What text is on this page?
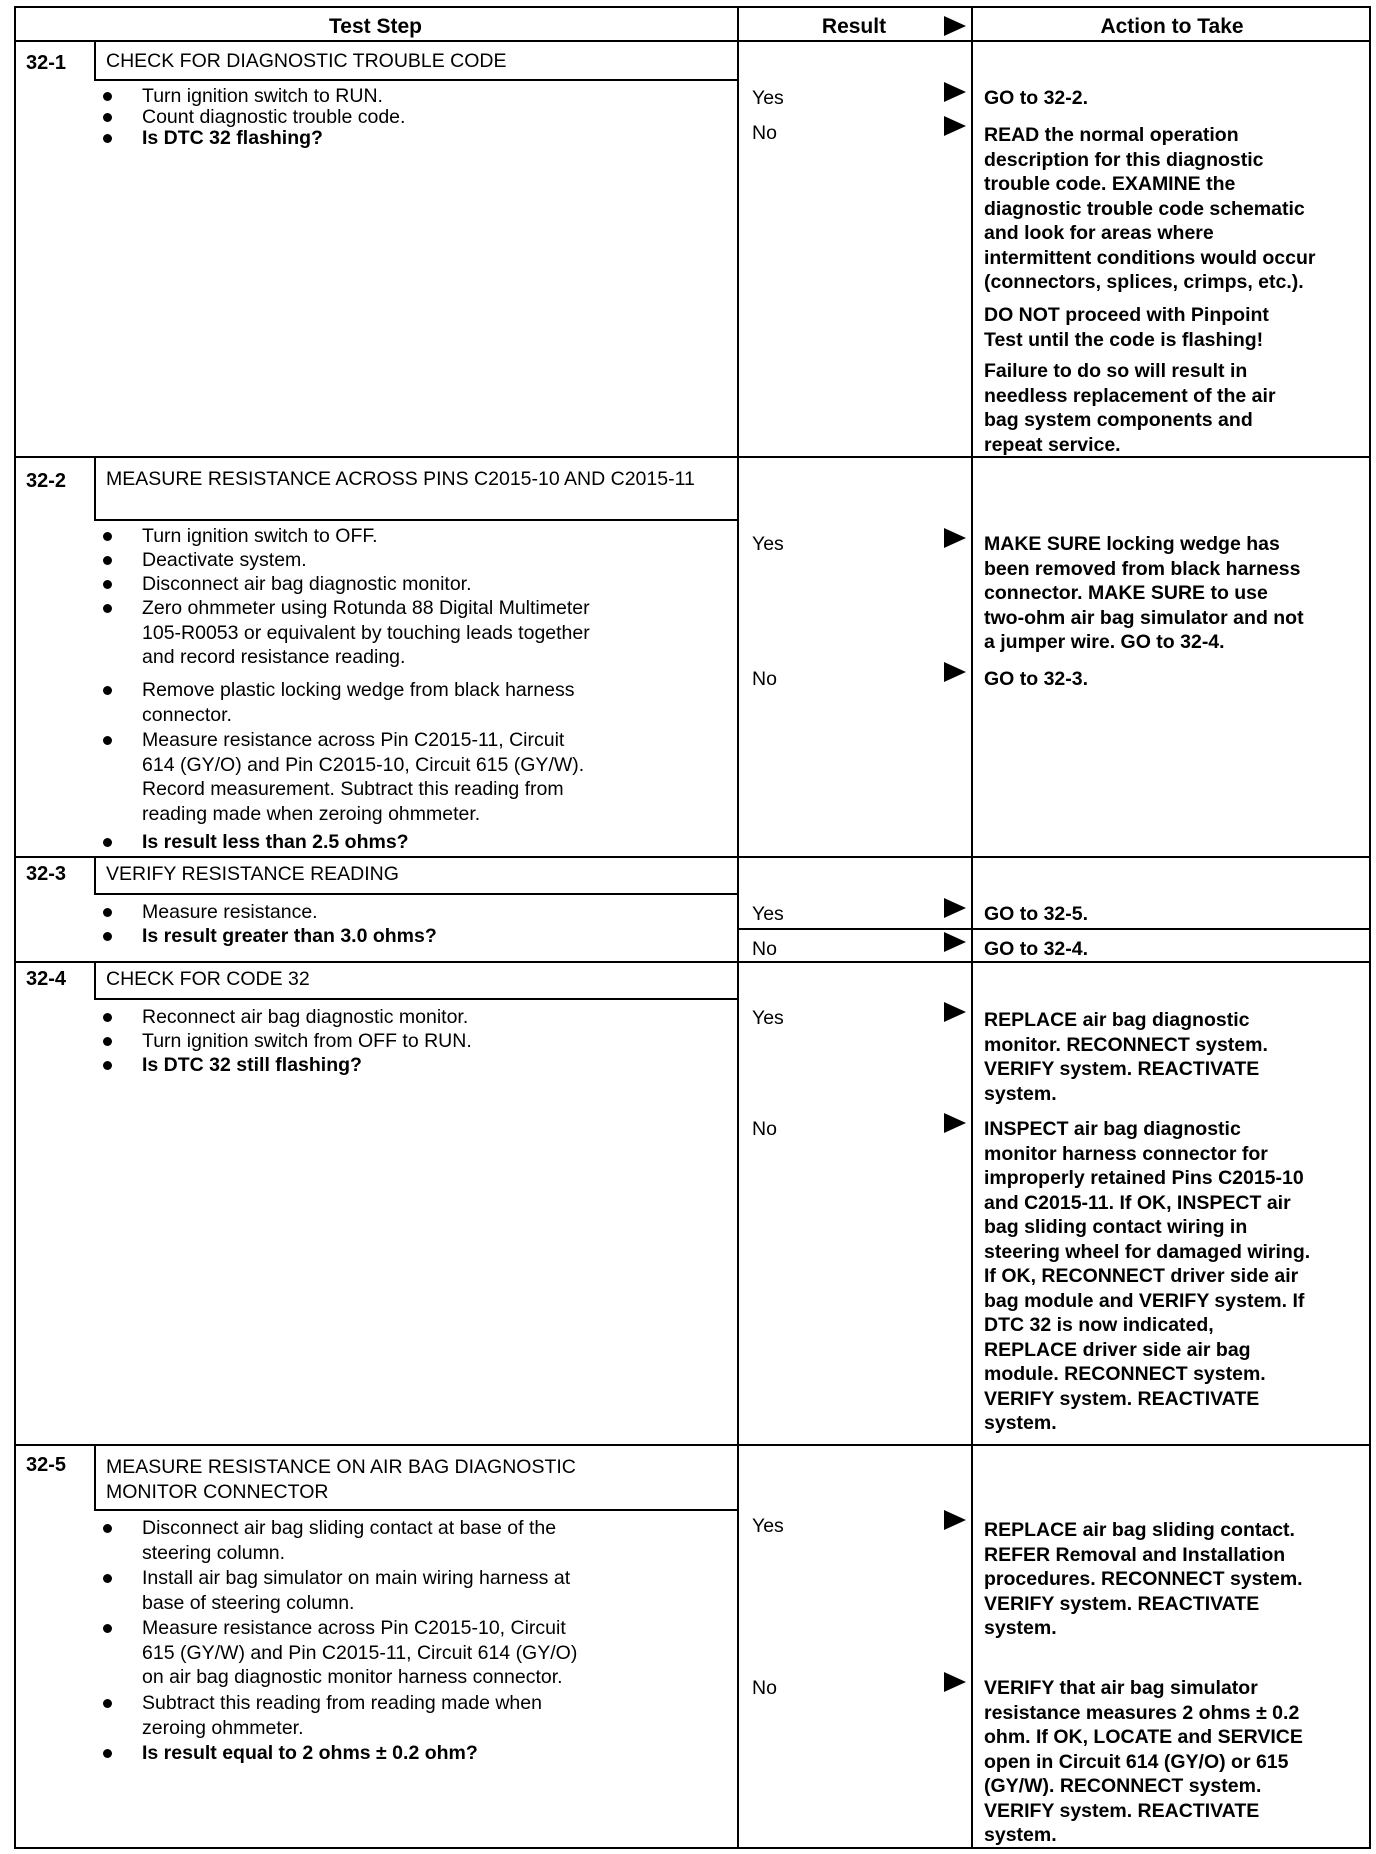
Test Step	Result	Action to Take
32-1 CHECK FOR DIAGNOSTIC TROUBLE CODE
Turn ignition switch to RUN.
Count diagnostic trouble code.
Is DTC 32 flashing?
Yes	GO to 32-2.
No	READ the normal operation
description for this diagnostic
trouble code. EXAMINE the
diagnostic trouble code schematic
and look for areas where
intermittent conditions would occur
(connectors, splices, crimps, etc.).
DO NOT proceed with Pinpoint
Test until the code is flashing!
Failure to do so will result in
needless replacement of the air
bag system components and
repeat service.
32-2 MEASURE RESISTANCE ACROSS PINS C2015-10 AND C2015-11
Turn ignition switch to OFF.
Deactivate system.
Disconnect air bag diagnostic monitor.
Zero ohmmeter using Rotunda 88 Digital Multimeter
105-R0053 or equivalent by touching leads together
and record resistance reading.
Remove plastic locking wedge from black harness
connector.
Measure resistance across Pin C2015-11, Circuit
614 (GY/O) and Pin C2015-10, Circuit 615 (GY/W).
Record measurement. Subtract this reading from
reading made when zeroing ohmmeter.
Is result less than 2.5 ohms?
Yes	MAKE SURE locking wedge has
been removed from black harness
connector. MAKE SURE to use
two-ohm air bag simulator and not
a jumper wire. GO to 32-4.
No	GO to 32-3.
32-3 VERIFY RESISTANCE READING
Measure resistance.
Is result greater than 3.0 ohms?
Yes	GO to 32-5.
No	GO to 32-4.
32-4 CHECK FOR CODE 32
Reconnect air bag diagnostic monitor.
Turn ignition switch from OFF to RUN.
Is DTC 32 still flashing?
Yes	REPLACE air bag diagnostic
monitor. RECONNECT system.
VERIFY system. REACTIVATE
system.
No	INSPECT air bag diagnostic
monitor harness connector for
improperly retained Pins C2015-10
and C2015-11. If OK, INSPECT air
bag sliding contact wiring in
steering wheel for damaged wiring.
If OK, RECONNECT driver side air
bag module and VERIFY system. If
DTC 32 is now indicated,
REPLACE driver side air bag
module. RECONNECT system.
VERIFY system. REACTIVATE
system.
32-5 MEASURE RESISTANCE ON AIR BAG DIAGNOSTIC
MONITOR CONNECTOR
Disconnect air bag sliding contact at base of the
steering column.
Install air bag simulator on main wiring harness at
base of steering column.
Measure resistance across Pin C2015-10, Circuit
615 (GY/W) and Pin C2015-11, Circuit 614 (GY/O)
on air bag diagnostic monitor harness connector.
Subtract this reading from reading made when
zeroing ohmmeter.
Is result equal to 2 ohms ± 0.2 ohm?
Yes	REPLACE air bag sliding contact.
REFER Removal and Installation
procedures. RECONNECT system.
VERIFY system. REACTIVATE
system.
No	VERIFY that air bag simulator
resistance measures 2 ohms ± 0.2
ohm. If OK, LOCATE and SERVICE
open in Circuit 614 (GY/O) or 615
(GY/W). RECONNECT system.
VERIFY system. REACTIVATE
system.
